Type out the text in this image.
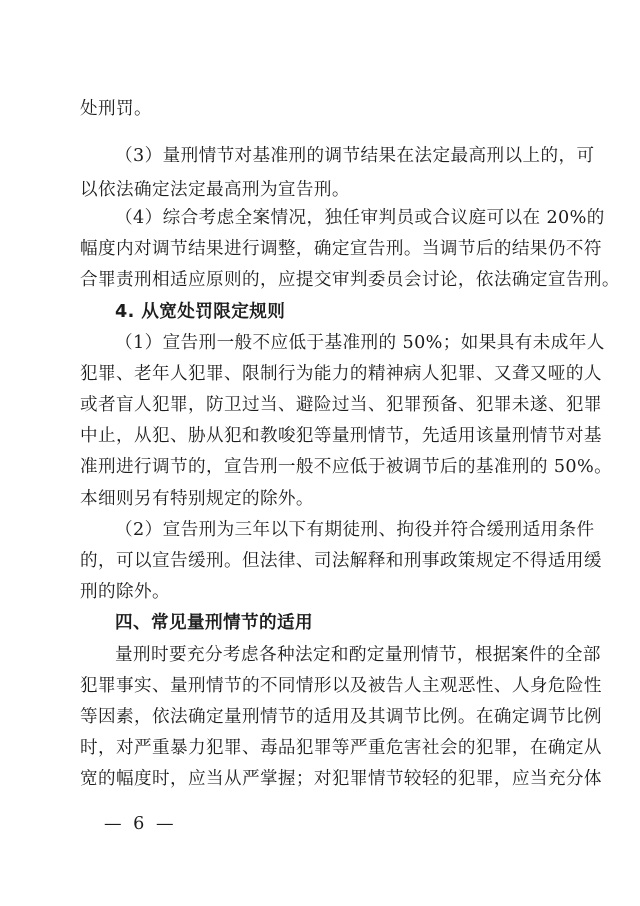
处刑罚。

（3）量刑情节对基准刑的调节结果在法定最高刑以上的，可

以依法确定法定最高刑为宣告刑。

（4）综合考虑全案情况，独任审判员或合议庭可以在 20%的

幅度内对调节结果进行调整，确定宣告刑。当调节后的结果仍不符

合罪责刑相适应原则的，应提交审判委员会讨论，依法确定宣告刑。

4. 从宽处罚限定规则

（1）宣告刑一般不应低于基准刑的 50%；如果具有未成年人

犯罪、老年人犯罪、限制行为能力的精神病人犯罪、又聋又哑的人

或者盲人犯罪，防卫过当、避险过当、犯罪预备、犯罪未遂、犯罪

中止，从犯、胁从犯和教唆犯等量刑情节，先适用该量刑情节对基

准刑进行调节的，宣告刑一般不应低于被调节后的基准刑的 50%。

本细则另有特别规定的除外。

（2）宣告刑为三年以下有期徒刑、拘役并符合缓刑适用条件

的，可以宣告缓刑。但法律、司法解释和刑事政策规定不得适用缓

刑的除外。

四、常见量刑情节的适用

量刑时要充分考虑各种法定和酌定量刑情节，根据案件的全部

犯罪事实、量刑情节的不同情形以及被告人主观恶性、人身危险性

等因素，依法确定量刑情节的适用及其调节比例。在确定调节比例

时，对严重暴力犯罪、毒品犯罪等严重危害社会的犯罪，在确定从

宽的幅度时，应当从严掌握；对犯罪情节较轻的犯罪，应当充分体

— 6 —
